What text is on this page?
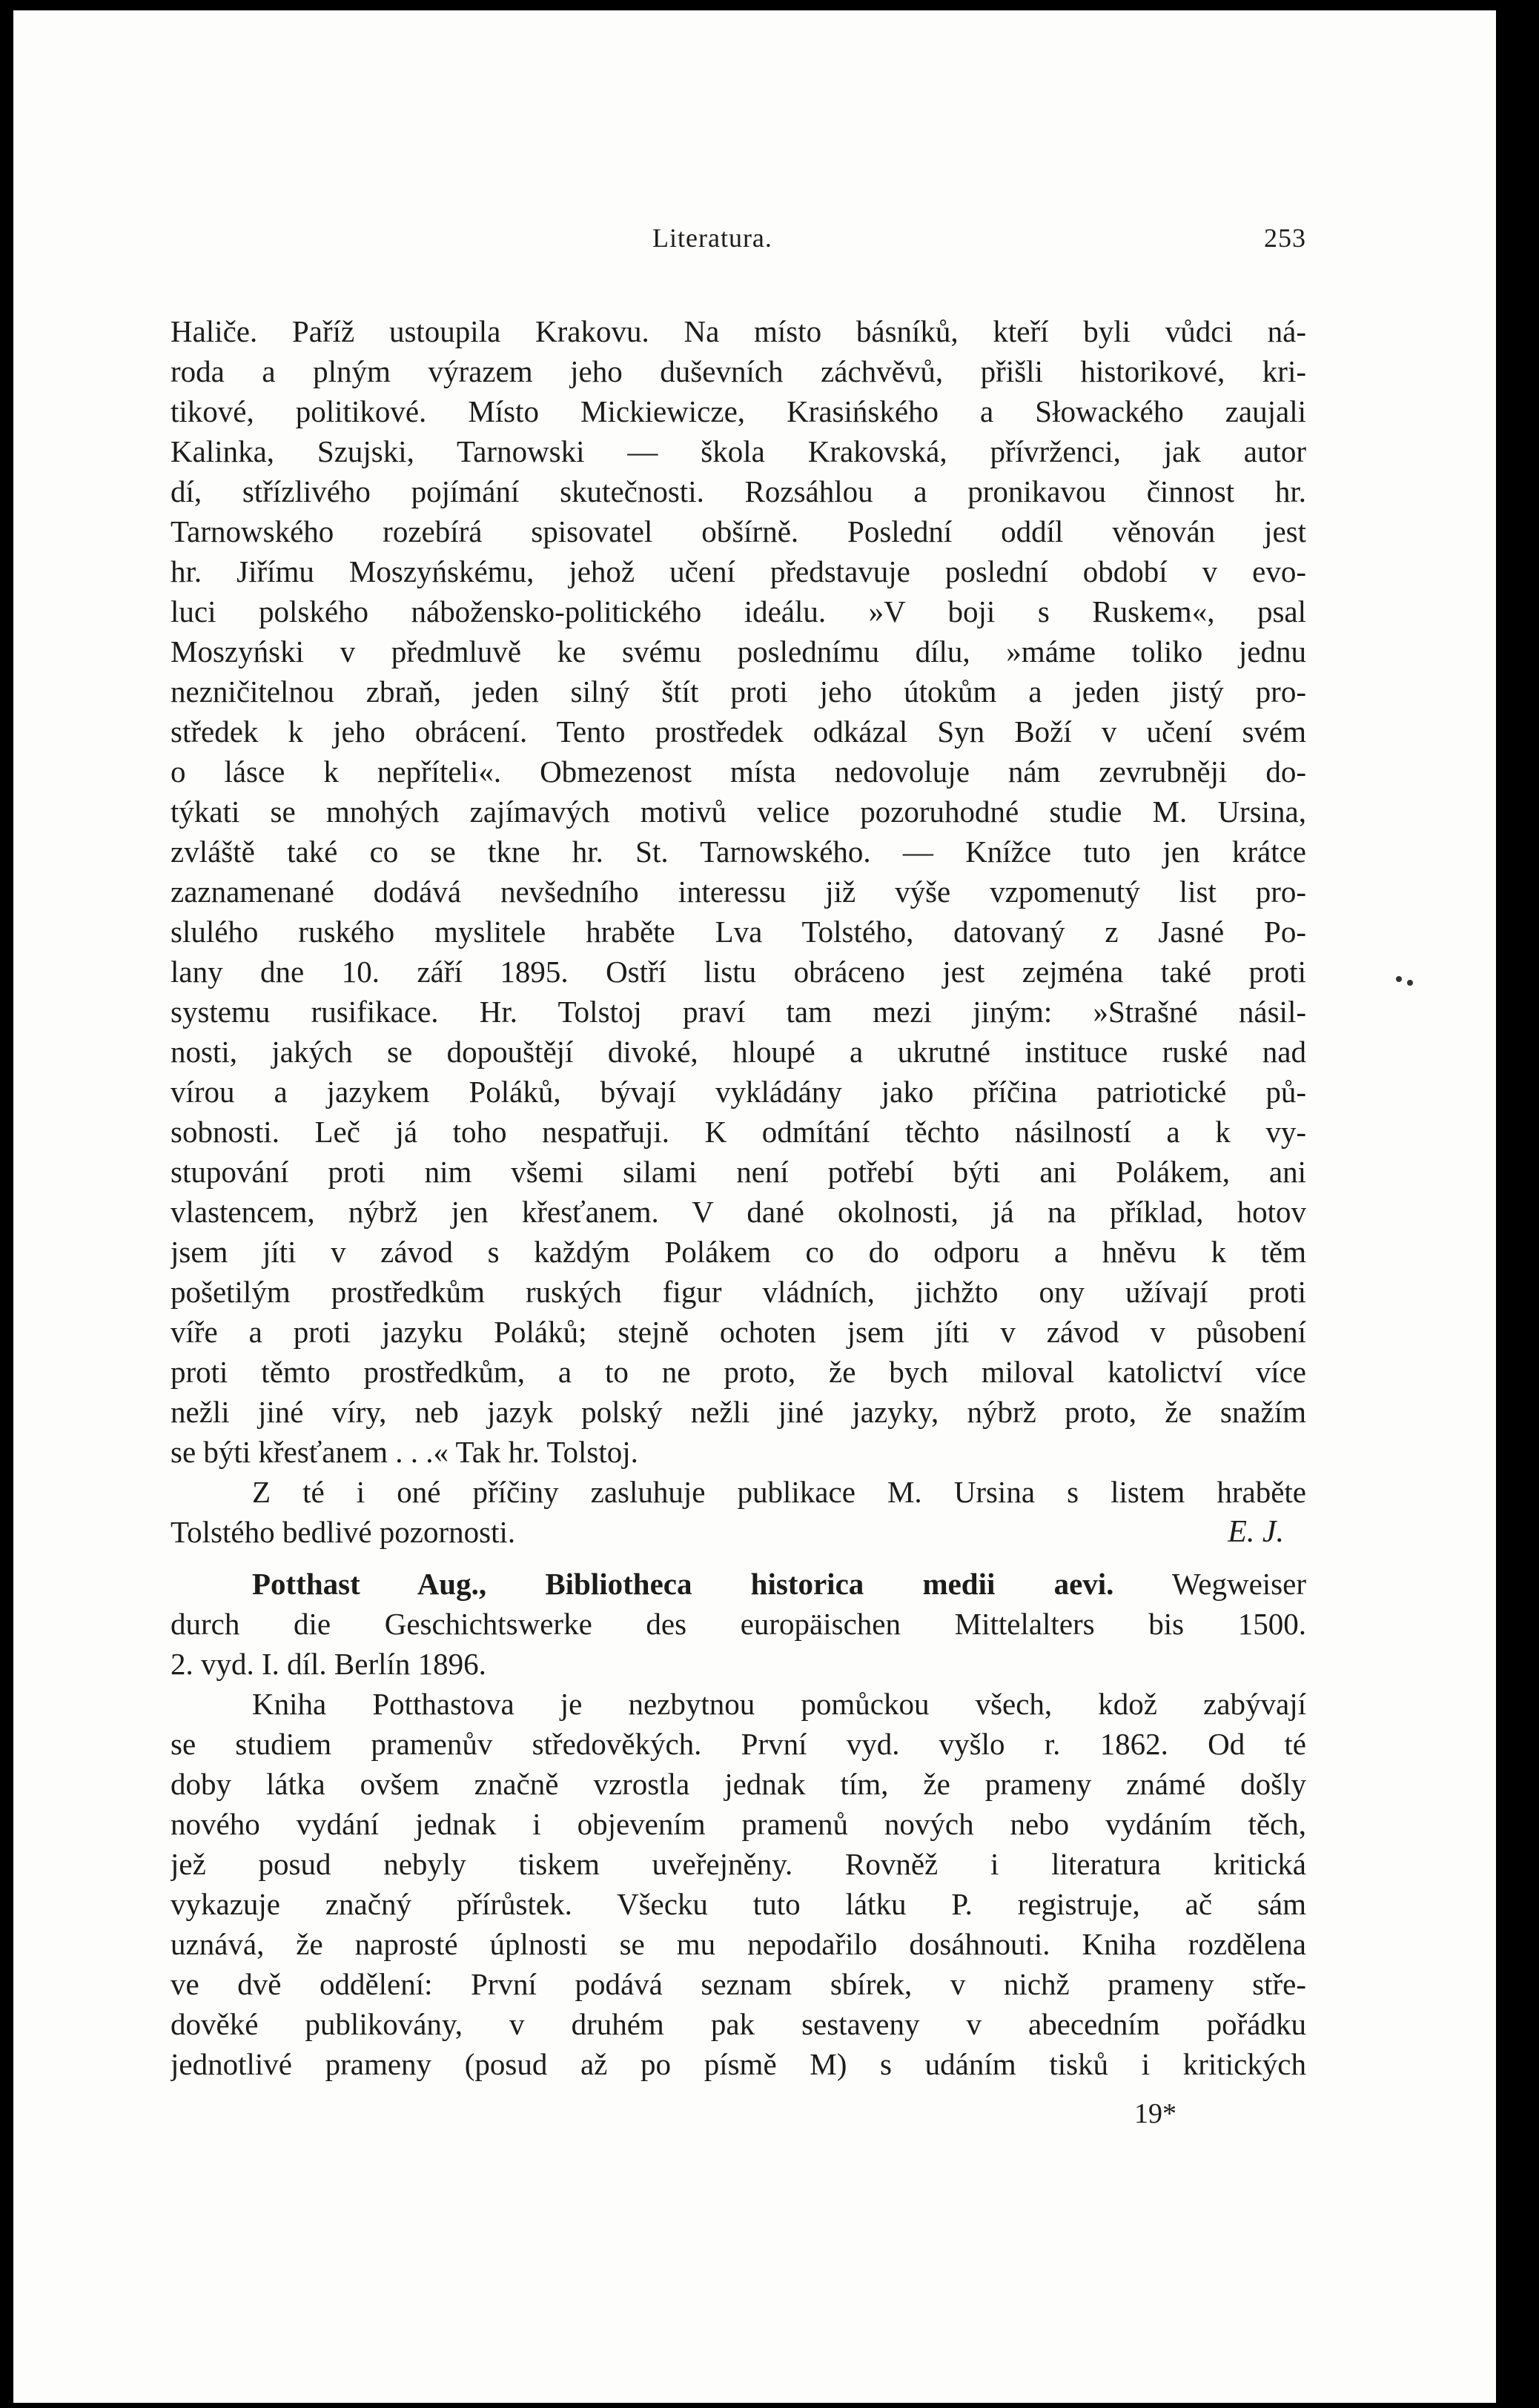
Literatura.	253
Haliče. Paříž ustoupila Krakovu. Na místo básníků, kteří byli vůdci ná-
roda a plným výrazem jeho duševních záchvěvů, přišli historikové, kri-
tikové, politikové. Místo Mickiewicze, Krasińského a Słowackého zaujali
Kalinka, Szujski, Tarnowski — škola Krakovská, přívrženci, jak autor
dí, střízlivého pojímání skutečnosti. Rozsáhlou a pronikavou činnost hr.
Tarnowského rozebírá spisovatel obšírně. Poslední oddíl věnován jest
hr. Jiřímu Moszyńskému, jehož učení představuje poslední období v evo-
luci polského nábožensko-politického ideálu. »V boji s Ruskem«, psal
Moszyński v předmluvě ke svému poslednímu dílu, »máme toliko jednu
nezničitelnou zbraň, jeden silný štít proti jeho útokům a jeden jistý pro-
středek k jeho obrácení. Tento prostředek odkázal Syn Boží v učení svém
o lásce k nepříteli«. Obmezenost místa nedovoluje nám zevrubněji do-
týkati se mnohých zajímavých motivů velice pozoruhodné studie M. Ursina,
zvláště také co se tkne hr. St. Tarnowského. — Knížce tuto jen krátce
zaznamenané dodává nevšedního interessu již výše vzpomenutý list pro-
slulého ruského myslitele hraběte Lva Tolstého, datovaný z Jasné Po-
lany dne 10. září 1895. Ostří listu obráceno jest zejména také proti
systemu rusifikace. Hr. Tolstoj praví tam mezi jiným: »Strašné násil-
nosti, jakých se dopouštějí divoké, hloupé a ukrutné instituce ruské nad
vírou a jazykem Poláků, bývají vykládány jako příčina patriotické pů-
sobnosti. Leč já toho nespatřuji. K odmítání těchto násilností a k vy-
stupování proti nim všemi silami není potřebí býti ani Polákem, ani
vlastencem, nýbrž jen křesťanem. V dané okolnosti, já na příklad, hotov
jsem jíti v závod s každým Polákem co do odporu a hněvu k těm
pošetilým prostředkům ruských figur vládních, jichžto ony užívají proti
víře a proti jazyku Poláků; stejně ochoten jsem jíti v závod v působení
proti těmto prostředkům, a to ne proto, že bych miloval katolictví více
nežli jiné víry, neb jazyk polský nežli jiné jazyky, nýbrž proto, že snažím
se býti křesťanem . . .« Tak hr. Tolstoj.
Z té i oné příčiny zasluhuje publikace M. Ursina s listem hraběte
Tolstého bedlivé pozornosti.	E. J.
Potthast Aug., Bibliotheca historica medii aevi. Wegweiser
durch die Geschichtswerke des europäischen Mittelalters bis 1500.
2. vyd. I. díl. Berlín 1896.
Kniha Potthastova je nezbytnou pomůckou všech, kdož zabývají
se studiem pramenův středověkých. První vyd. vyšlo r. 1862. Od té
doby látka ovšem značně vzrostla jednak tím, že prameny známé došly
nového vydání jednak i objevením pramenů nových nebo vydáním těch,
jež posud nebyly tiskem uveřejněny. Rovněž i literatura kritická
vykazuje značný přírůstek. Všecku tuto látku P. registruje, ač sám
uznává, že naprosté úplnosti se mu nepodařilo dosáhnouti. Kniha rozdělena
ve dvě oddělení: První podává seznam sbírek, v nichž prameny stře-
dověké publikovány, v druhém pak sestaveny v abecedním pořádku
jednotlivé prameny (posud až po písmě M) s udáním tisků i kritických
19*
